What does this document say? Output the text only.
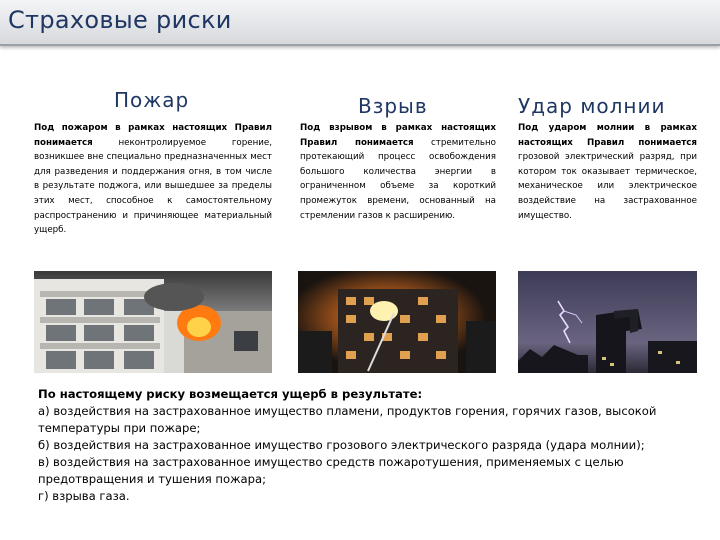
Страховые риски
Пожар	Взрыв	Удар молнии
Под пожаром в рамках настоящих Правил понимается неконтролируемое горение, возникшее вне специально предназначенных мест для разведения и поддержания огня, в том числе в результате поджога, или вышедшее за пределы этих мест, способное к самостоятельному распространению и причиняющее материальный ущерб.
Под взрывом в рамках настоящих Правил понимается стремительно протекающий процесс освобождения большого количества энергии в ограниченном объеме за короткий промежуток времени, основанный на стремлении газов к расширению.
Под ударом молнии в рамках настоящих Правил понимается грозовой электрический разряд, при котором ток оказывает термическое, механическое или электрическое воздействие на застрахованное имущество.

По настоящему риску возмещается ущерб в результате:

а) воздействия на застрахованное имущество пламени, продуктов горения, горячих газов, высокой температуры при пожаре;

б) воздействия на застрахованное имущество грозового электрического разряда (удара молнии);

в) воздействия на застрахованное имущество средств пожаротушения, применяемых с целью предотвращения и тушения пожара;

г) взрыва газа.
